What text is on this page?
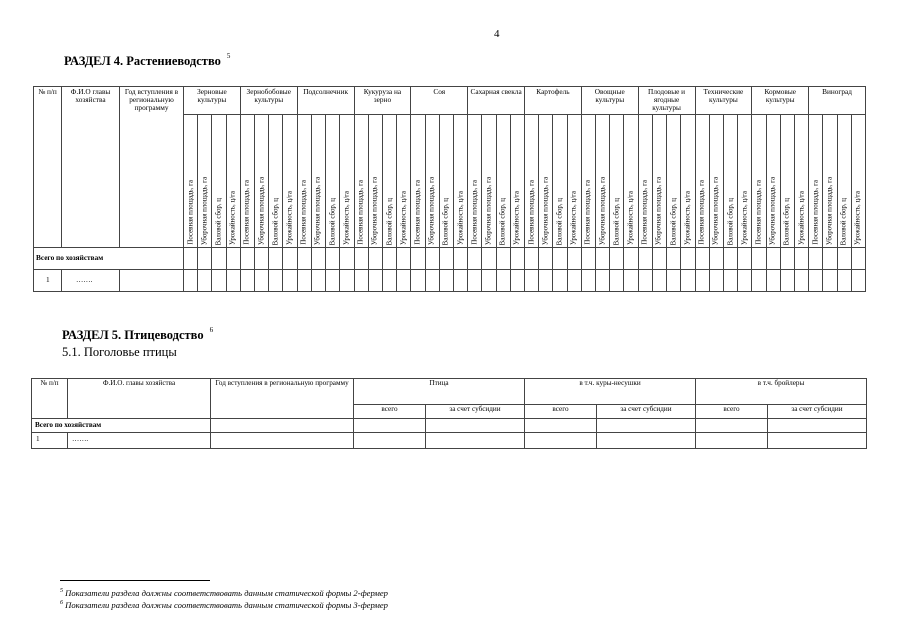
4
РАЗДЕЛ 4. Растениеводство $^5$
№ п/п	Ф.И.О главы хозяйства	Год вступления в региональную программу	Зерновые культуры				Зернобобовые культуры				Подсолнечник				Кукуруза на зерно				Соя				Сахарная свекла				Картофель				Овощные культуры				Плодовые и ягодные культуры				Технические культуры				Кормовые культуры				Виноград			

			Посевная площадь, га	Уборочная площадь, га	Валовой сбор, ц	Урожайность, ц/га	Посевная площадь, га	Уборочная площадь, га	Валовой сбор, ц	Урожайность, ц/га	Посевная площадь, га	Уборочная площадь, га	Валовой сбор, ц	Урожайность, ц/га	Посевная площадь, га	Уборочная площадь, га	Валовой сбор, ц	Урожайность, ц/га	Посевная площадь, га	Уборочная площадь, га	Валовой сбор, ц	Урожайность, ц/га	Посевная площадь, га	Уборочная площадь, га	Валовой сбор, ц	Урожайность, ц/га	Посевная площадь, га	Уборочная площадь, га	Валовой сбор, ц	Урожайность, ц/га	Посевная площадь, га	Уборочная площадь, га	Валовой сбор, ц	Урожайность, ц/га	Посевная площадь, га	Уборочная площадь, га	Валовой сбор, ц	Урожайность, ц/га	Посевная площадь, га	Уборочная площадь, га	Валовой сбор, ц	Урожайность, ц/га	Посевная площадь, га	Уборочная площадь, га	Валовой сбор, ц	Урожайность, ц/га	Посевная площадь, га	Уборочная площадь, га	Валовой сбор, ц	Урожайность, ц/га

Всего по хозяйствам																																																		
1	…….																																																	
РАЗДЕЛ 5. Птицеводство $^6$
5.1. Поголовье птицы
№ п/п	Ф.И.О. главы хозяйства	Год вступления в региональную программу	Птица		в т.ч. куры-несушки		в т.ч. бройлеры	
			всего	за счет субсидии	всего	за счет субсидии	всего	за счет субсидии
Всего по хозяйствам								
1	…….							
$^5$ Показатели раздела должны соответствовать данным статической формы 2-фермер
$^6$ Показатели раздела должны соответствовать данным статической формы 3-фермер
